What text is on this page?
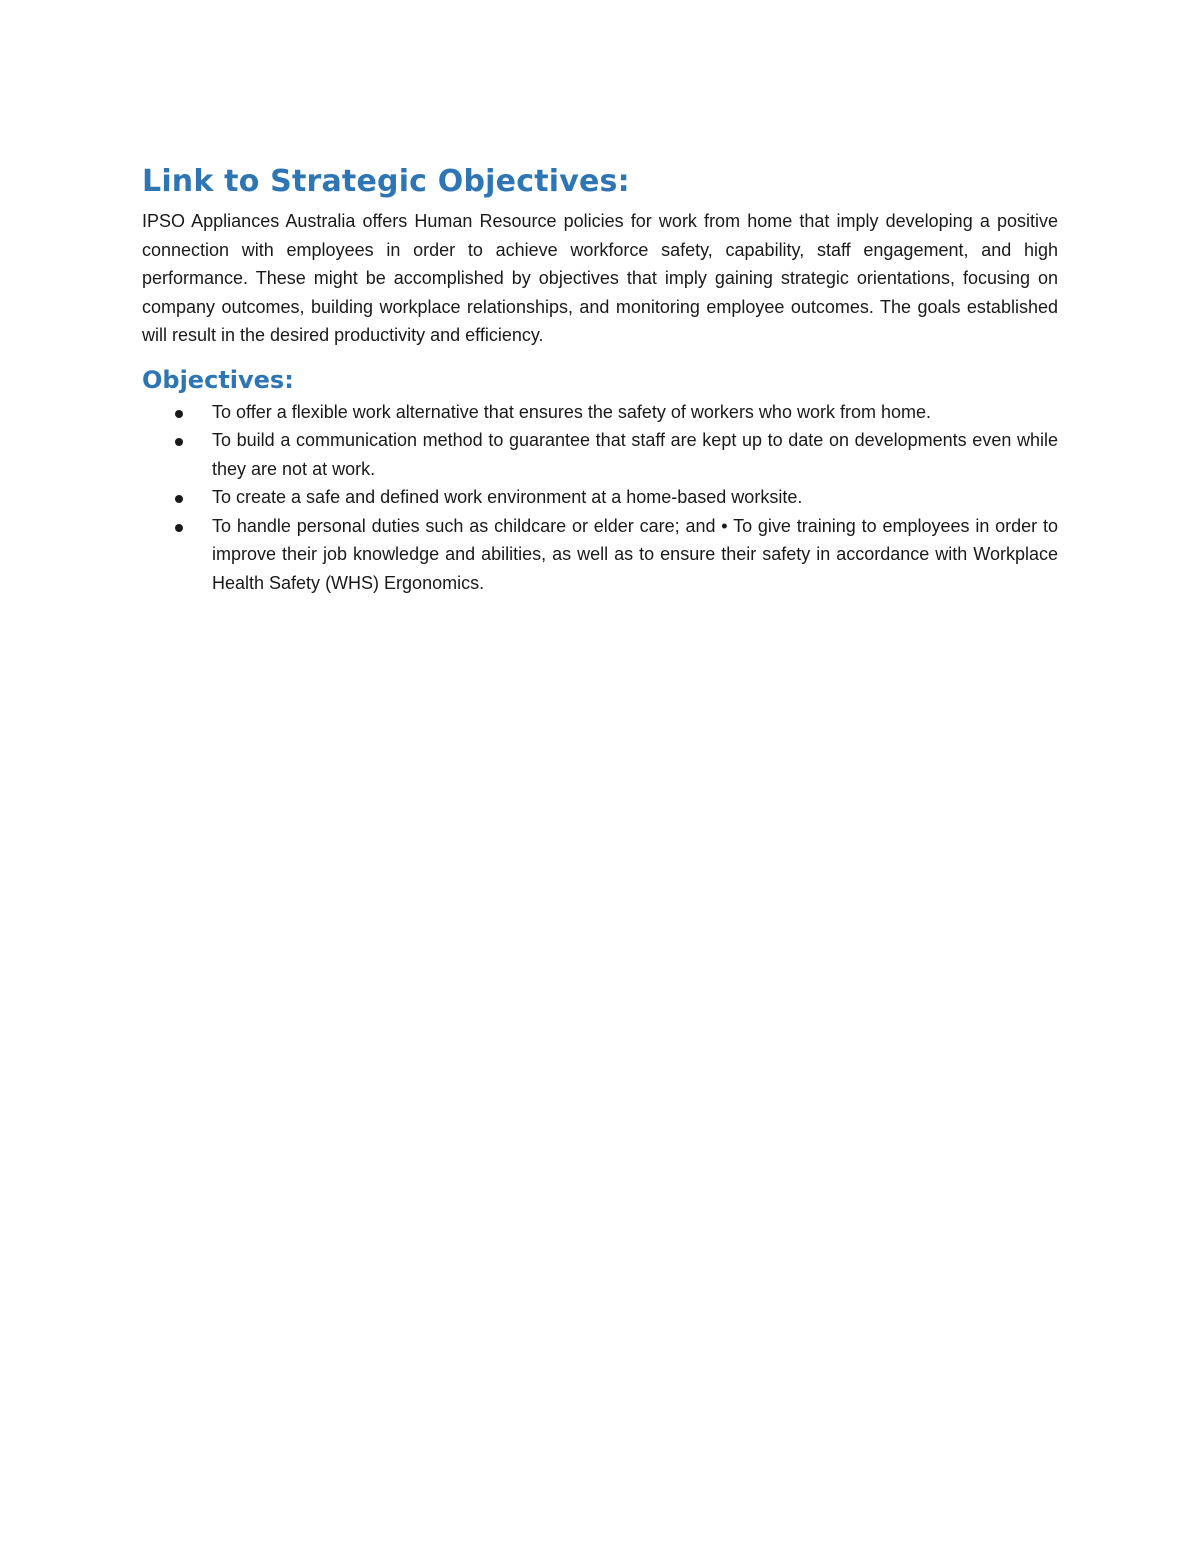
Link to Strategic Objectives:

IPSO Appliances Australia offers Human Resource policies for work from home that imply developing a positive connection with employees in order to achieve workforce safety, capability, staff engagement, and high performance. These might be accomplished by objectives that imply gaining strategic orientations, focusing on company outcomes, building workplace relationships, and monitoring employee outcomes. The goals established will result in the desired productivity and efficiency.

Objectives:
To offer a flexible work alternative that ensures the safety of workers who work from home.
To build a communication method to guarantee that staff are kept up to date on developments even while they are not at work.
To create a safe and defined work environment at a home-based worksite.
To handle personal duties such as childcare or elder care; and • To give training to employees in order to improve their job knowledge and abilities, as well as to ensure their safety in accordance with Workplace Health Safety (WHS) Ergonomics.
